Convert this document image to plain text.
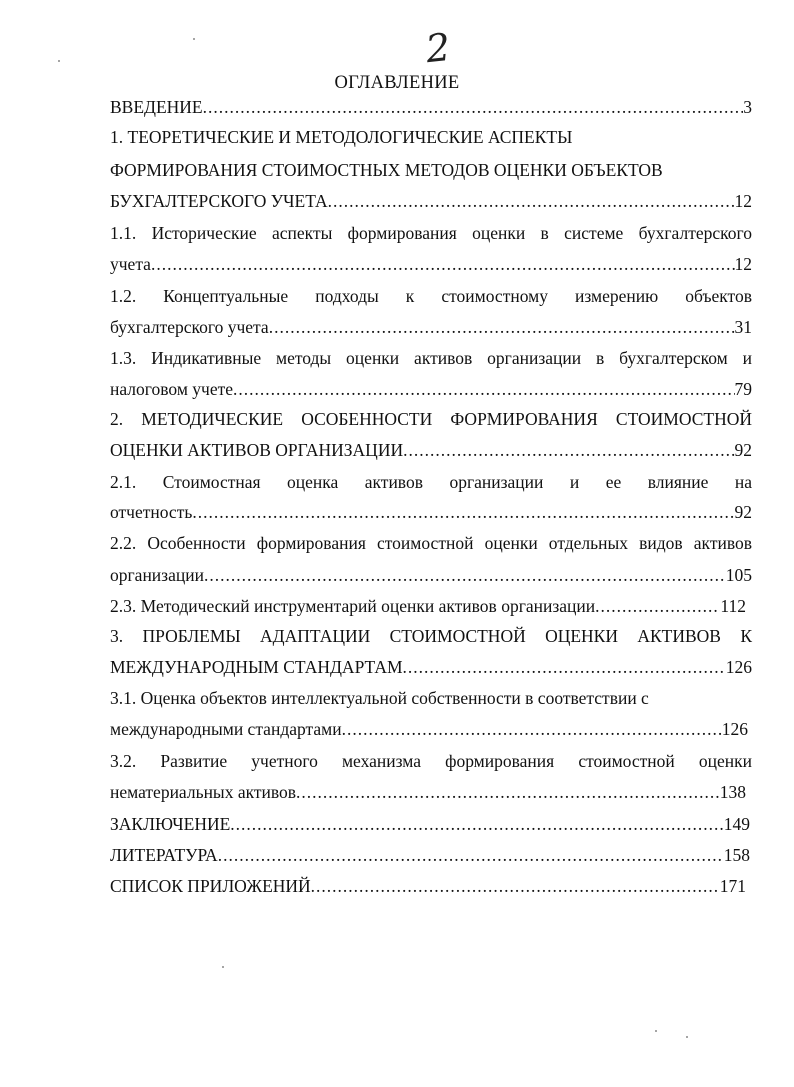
2
ОГЛАВЛЕНИЕ
ВВЕДЕНИЕ .....	3
1. ТЕОРЕТИЧЕСКИЕ И МЕТОДОЛОГИЧЕСКИЕ АСПЕКТЫ
ФОРМИРОВАНИЯ СТОИМОСТНЫХ МЕТОДОВ ОЦЕНКИ ОБЪЕКТОВ
БУХГАЛТЕРСКОГО УЧЕТА .....	12
1.1. Исторические аспекты формирования оценки в системе бухгалтерского
учета .....	12
1.2. Концептуальные подходы к стоимостному измерению объектов
бухгалтерского учета .....	31
1.3. Индикативные методы оценки активов организации в бухгалтерском и
налоговом учете .....	79
2. МЕТОДИЧЕСКИЕ ОСОБЕННОСТИ ФОРМИРОВАНИЯ СТОИМОСТНОЙ
ОЦЕНКИ АКТИВОВ ОРГАНИЗАЦИИ .....	92
2.1. Стоимостная оценка активов организации и ее влияние на
отчетность .....	92
2.2. Особенности формирования стоимостной оценки отдельных видов активов
организации .....	105
2.3. Методический инструментарий оценки активов организации .....	112
3. ПРОБЛЕМЫ АДАПТАЦИИ СТОИМОСТНОЙ ОЦЕНКИ АКТИВОВ К
МЕЖДУНАРОДНЫМ СТАНДАРТАМ .....	126
3.1. Оценка объектов интеллектуальной собственности в соответствии с
международными стандартами .....	126
3.2. Развитие учетного механизма формирования стоимостной оценки
нематериальных активов .....	138
ЗАКЛЮЧЕНИЕ .....	149
ЛИТЕРАТУРА .....	158
СПИСОК ПРИЛОЖЕНИЙ .....	171
